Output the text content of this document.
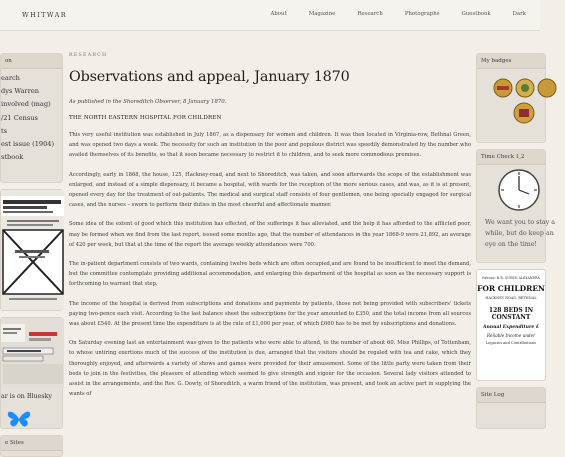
WHITWAR	About	Magazine	Research	Photographs	Guestbook	Dark
on
earch
dys Warren
involved (mag)
/21 Census
ts
est issue (1904)
stbook
ar is on Bluesky
e Sites
RESEARCH
Observations and appeal, January 1870
As published in the Shoreditch Observer, 8 January 1870.
THE NORTH EASTERN HOSPITAL FOR CHILDREN

This very useful institution was established in July 1867, as a dispensary for women and children. It was then located in Virginia-row, Bethnal Green, and was opened two days a week. The necessity for such an institution in the poor and populous district was speedily demonstrated by the number who availed themselves of its benefits, so that it soon became necessary to restrict it to children, and to seek more commodious premises.

Accordingly, early in 1868, the house, 125, Hackney-road, and next to Shoreditch, was taken, and soon afterwards the scope of the establishment was enlarged, and instead of a simple dispensary, it became a hospital, with wards for the reception of the more serious cases, and was, as it is at present, opened every day for the treatment of out-patients. The medical and surgical staff consists of four gentlemen, one being specially engaged for surgical cases, and the nurses – sworn to perform their duties in the most cheerful and affectionate manner.

Some idea of the extent of good which this institution has effected, of the sufferings it has alleviated, and the help it has afforded to the afflicted poor, may be formed when we find from the last report, issued some months ago, that the number of attendances in the year 1868-9 were 21,892, an average of 420 per week, but that at the time of the report the average weekly attendances were 700.

The in-patient department consists of two wards, containing twelve beds which are often occupied,and are found to be insufficient to meet the demand, but the committee contemplate providing additional accommodation, and enlarging this department of the hospital as soon as the necessary support is forthcoming to warrant that step.

The income of the hospital is derived from subscriptions and donations and payments by patients, those not being provided with subscribers' tickets paying two-pence each visit. According to the last balance sheet the subscriptions for the year amounted to £350, and the total income from all sources was about £540. At the present time the expenditure is at the rate of £1,000 per year, of which £660 has to be met by subscriptions and donations.

On Saturday evening last an entertainment was given to the patients who were able to attend, to the number of about 60. Miss Phillips, of Tottenham, to whose untiring exertions much of the success of the institution is due, arranged that the visitors should be regaled with tea and cake, which they thoroughly enjoyed, and afterwards a variety of shows and games were provided for their amusement. Some of the little party were taken from their beds to join in the festivities, the pleasure of attending which seemed to give strength and vigour for the occasion. Several lady visitors attended to assist in the arrangements, and the Rev. G. Dowty, of Shoreditch, a warm friend of the institution, was present, and took an active part in supplying the wants of

My badges
Time Check 1,2
We want you to stay a while, but do keep an eye on the time!
Patrons: H.R. QUEEN ALEXANDRA
FOR CHILDREN
HACKNEY ROAD, BETHNAL
128 BEDS IN CONSTANT
Annual Expenditure £
Reliable Income under
Legacies and Contributions
Site Log
